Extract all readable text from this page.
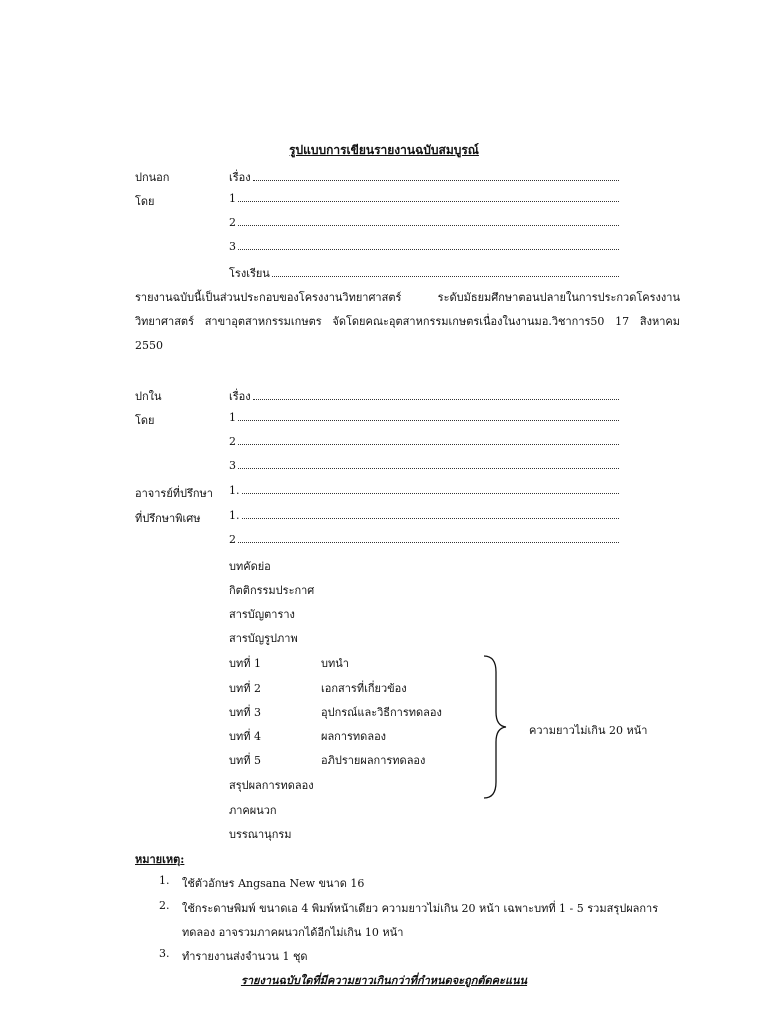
รูปแบบการเขียนรายงานฉบับสมบูรณ์
ปกนอก	เรื่อง
โดย	1
2
3
โรงเรียน
รายงานฉบับนี้เป็นส่วนประกอบของโครงงานวิทยาศาสตร์ ระดับมัธยมศึกษาตอนปลายในการประกวดโครงงานวิทยาศาสตร์ สาขาอุตสาหกรรมเกษตร จัดโดยคณะอุตสาหกรรมเกษตรเนื่องในงานมอ.วิชาการ50 17 สิงหาคม 2550
ปกใน	เรื่อง
โดย	1
2
3
อาจารย์ที่ปรึกษา 1.
ที่ปรึกษาพิเศษ	1.
2
บทคัดย่อ
กิตติกรรมประกาศ
สารบัญตาราง
สารบัญรูปภาพ
บทที่ 1	บทนำ
บทที่ 2	เอกสารที่เกี่ยวข้อง
บทที่ 3	อุปกรณ์และวิธีการทดลอง
บทที่ 4	ผลการทดลอง
บทที่ 5	อภิปรายผลการทดลอง
ความยาวไม่เกิน 20 หน้า
สรุปผลการทดลอง
ภาคผนวก
บรรณานุกรม
หมายเหตุ:
1. ใช้ตัวอักษร Angsana New ขนาด 16
2. ใช้กระดาษพิมพ์ ขนาดเอ 4 พิมพ์หน้าเดียว ความยาวไม่เกิน 20 หน้า เฉพาะบทที่ 1 - 5 รวมสรุปผลการ
ทดลอง อาจรวมภาคผนวกได้อีกไม่เกิน 10 หน้า
3. ทำรายงานส่งจำนวน 1 ชุด
รายงานฉบับใดที่มีความยาวเกินกว่าที่กำหนดจะถูกตัดคะแนน
